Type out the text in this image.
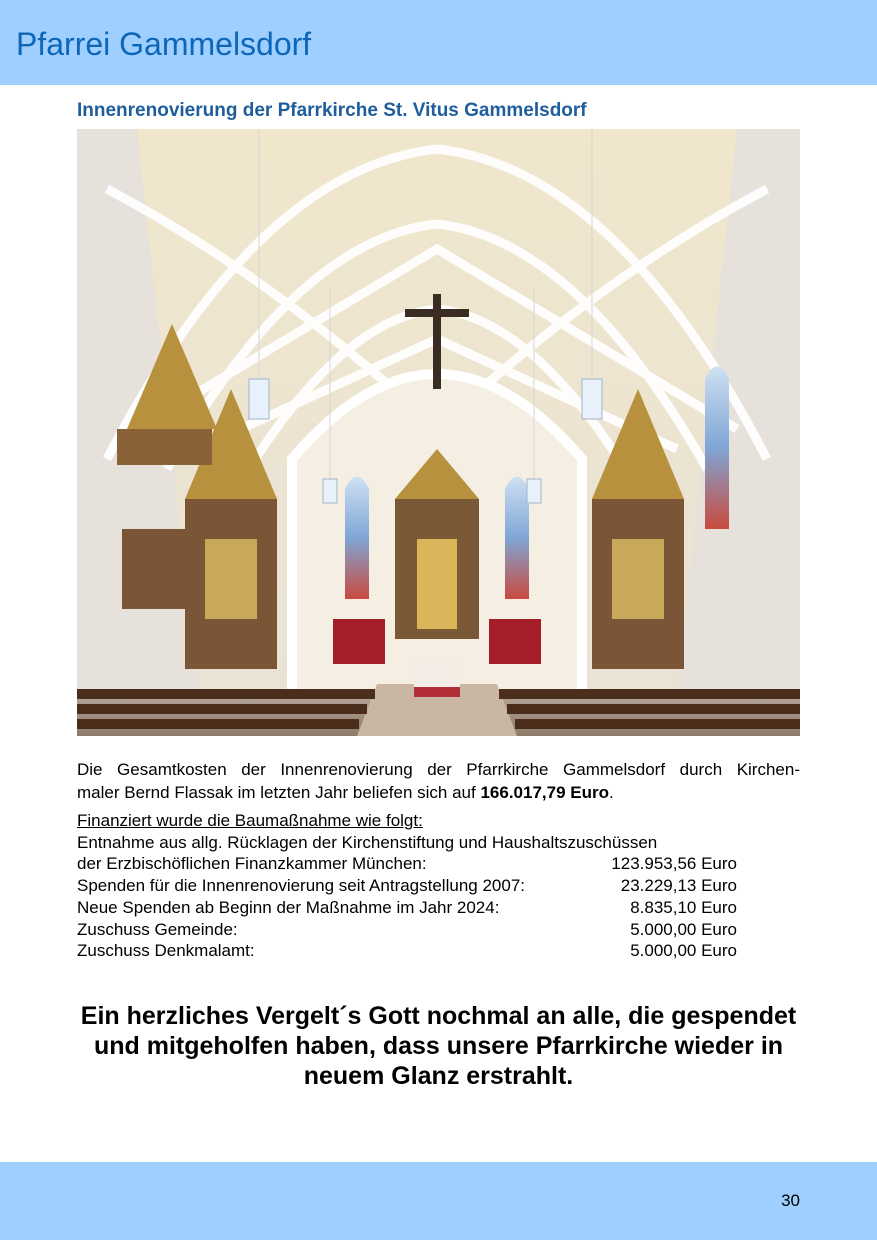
Pfarrei Gammelsdorf
Innenrenovierung der Pfarrkirche St. Vitus Gammelsdorf

Die Gesamtkosten der Innenrenovierung der Pfarrkirche Gammelsdorf durch Kirchen-
maler Bernd Flassak im letzten Jahr beliefen sich auf 166.017,79 Euro.

Finanziert wurde die Baumaßnahme wie folgt:
Entnahme aus allg. Rücklagen der Kirchenstiftung und Haushaltszuschüssen
der Erzbischöflichen Finanzkammer München:	123.953,56 Euro
Spenden für die Innenrenovierung seit Antragstellung 2007:	23.229,13 Euro
Neue Spenden ab Beginn der Maßnahme im Jahr 2024:	8.835,10 Euro
Zuschuss Gemeinde:	5.000,00 Euro
Zuschuss Denkmalamt:	5.000,00 Euro

Ein herzliches Vergelt´s Gott nochmal an alle, die gespendet und mitgeholfen haben, dass unsere Pfarrkirche wieder in neuem Glanz erstrahlt.

30
